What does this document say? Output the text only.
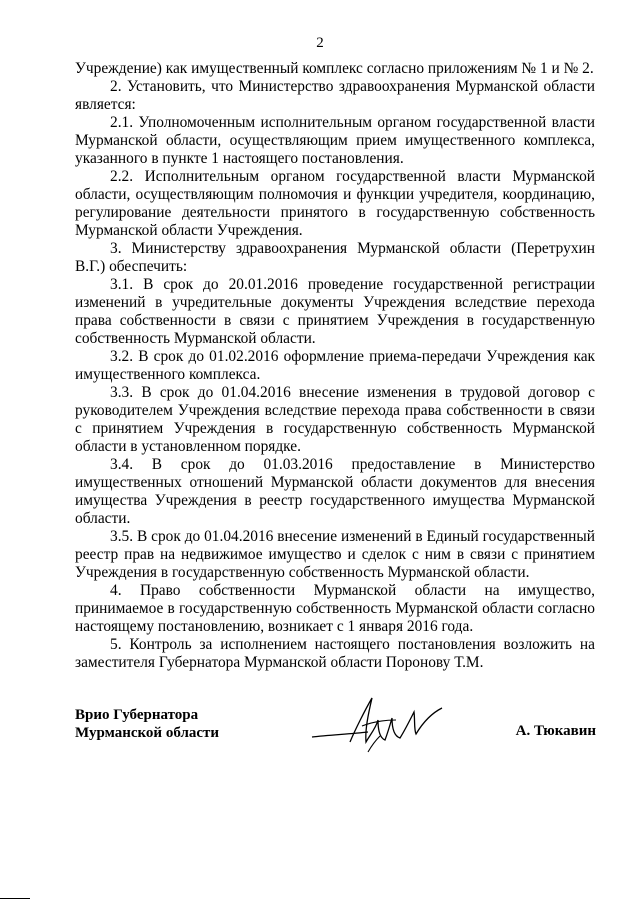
2

Учреждение) как имущественный комплекс согласно приложениям № 1 и № 2.

2. Установить, что Министерство здравоохранения Мурманской области является:

2.1. Уполномоченным исполнительным органом государственной власти Мурманской области, осуществляющим прием имущественного комплекса, указанного в пункте 1 настоящего постановления.

2.2. Исполнительным органом государственной власти Мурманской области, осуществляющим полномочия и функции учредителя, координацию, регулирование деятельности принятого в государственную собственность Мурманской области Учреждения.

3. Министерству здравоохранения Мурманской области (Перетрухин В.Г.) обеспечить:

3.1. В срок до 20.01.2016 проведение государственной регистрации изменений в учредительные документы Учреждения вследствие перехода права собственности в связи с принятием Учреждения в государственную собственность Мурманской области.

3.2. В срок до 01.02.2016 оформление приема-передачи Учреждения как имущественного комплекса.

3.3. В срок до 01.04.2016 внесение изменения в трудовой договор с руководителем Учреждения вследствие перехода права собственности в связи с принятием Учреждения в государственную собственность Мурманской области в установленном порядке.

3.4. В срок до 01.03.2016 предоставление в Министерство имущественных отношений Мурманской области документов для внесения имущества Учреждения в реестр государственного имущества Мурманской области.

3.5. В срок до 01.04.2016 внесение изменений в Единый государственный реестр прав на недвижимое имущество и сделок с ним в связи с принятием Учреждения в государственную собственность Мурманской области.

4. Право собственности Мурманской области на имущество, принимаемое в государственную собственность Мурманской области согласно настоящему постановлению, возникает с 1 января 2016 года.

5. Контроль за исполнением настоящего постановления возложить на заместителя Губернатора Мурманской области Поронову Т.М.

Врио Губернатора
Мурманской области	А. Тюкавин
